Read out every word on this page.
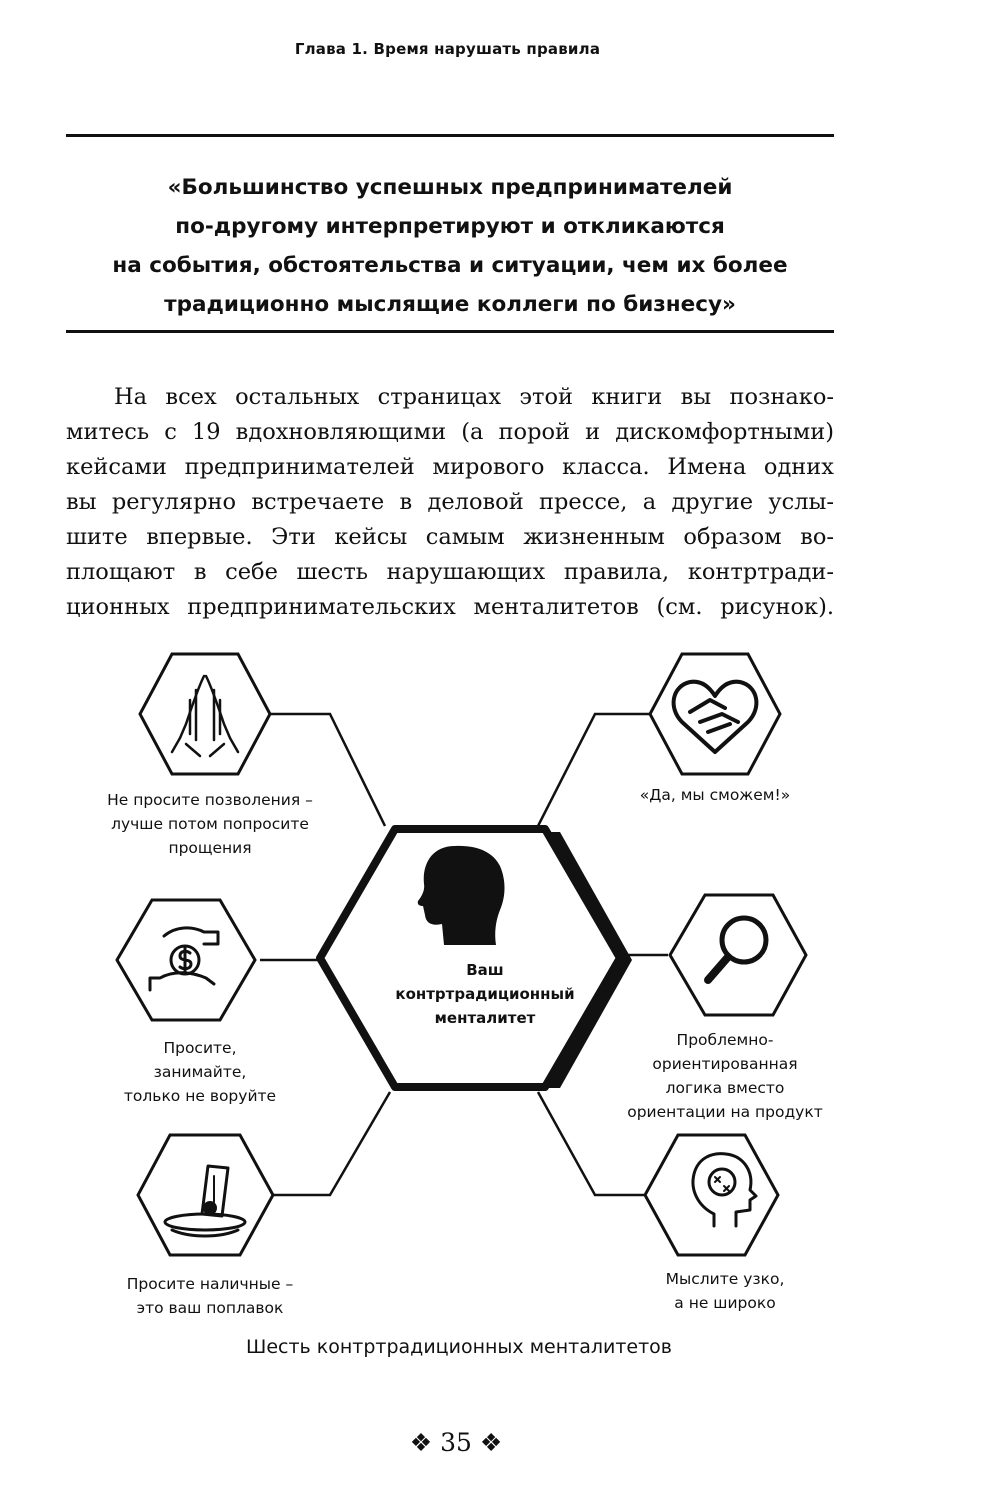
Глава 1. Время нарушать правила
«Большинство успешных предпринимателей
по-другому интерпретируют и откликаются
на события, обстоятельства и ситуации, чем их более
традиционно мыслящие коллеги по бизнесу»
На всех остальных страницах этой книги вы познако-
митесь с 19 вдохновляющими (а порой и дискомфортными)
кейсами предпринимателей мирового класса. Имена одних
вы регулярно встречаете в деловой прессе, а другие услы-
шите впервые. Эти кейсы самым жизненным образом во-
площают в себе шесть нарушающих правила, контртради-
ционных предпринимательских менталитетов (см. рисунок).
Ваш
контртрадиционный
менталитет
Не просите позволения –
лучше потом попросите
прощения
«Да, мы сможем!»
Просите,
занимайте,
только не воруйте
Проблемно-
ориентированная
логика вместо
ориентации на продукт
Просите наличные –
это ваш поплавок
Мыслите узко,
а не широко
Шесть контртрадиционных менталитетов
❖ 35 ❖
